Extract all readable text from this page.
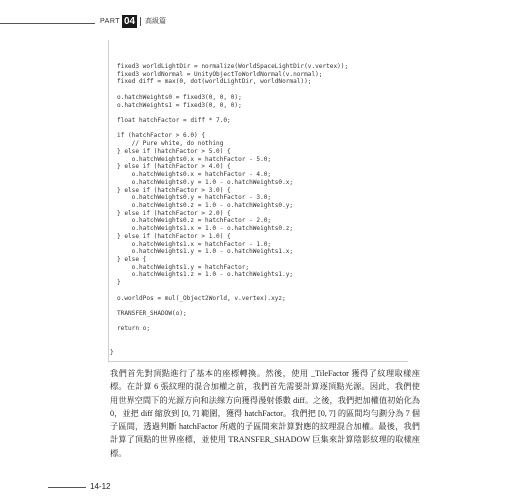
PART 04	高級篇
fixed3 worldLightDir = normalize(WorldSpaceLightDir(v.vertex));
fixed3 worldNormal = UnityObjectToWorldNormal(v.normal);
fixed diff = max(0, dot(worldLightDir, worldNormal));

o.hatchWeights0 = fixed3(0, 0, 0);
o.hatchWeights1 = fixed3(0, 0, 0);

float hatchFactor = diff * 7.0;

if (hatchFactor > 6.0) {
// Pure white, do nothing
} else if (hatchFactor > 5.0) {
o.hatchWeights0.x = hatchFactor - 5.0;
} else if (hatchFactor > 4.0) {
o.hatchWeights0.x = hatchFactor - 4.0;
o.hatchWeights0.y = 1.0 - o.hatchWeights0.x;
} else if (hatchFactor > 3.0) {
o.hatchWeights0.y = hatchFactor - 3.0;
o.hatchWeights0.z = 1.0 - o.hatchWeights0.y;
} else if (hatchFactor > 2.0) {
o.hatchWeights0.z = hatchFactor - 2.0;
o.hatchWeights1.x = 1.0 - o.hatchWeights0.z;
} else if (hatchFactor > 1.0) {
o.hatchWeights1.x = hatchFactor - 1.0;
o.hatchWeights1.y = 1.0 - o.hatchWeights1.x;
} else {
o.hatchWeights1.y = hatchFactor;
o.hatchWeights1.z = 1.0 - o.hatchWeights1.y;
}

o.worldPos = mul(_Object2World, v.vertex).xyz;

TRANSFER_SHADOW(o);

return o;
}

我們首先對頂點進行了基本的座標轉換。然後，使用 _TileFactor 獲得了紋理取樣座標。在計算 6 張紋理的混合加權之前，我們首先需要計算逐頂點光源。因此，我們使用世界空間下的光源方向和法線方向獲得漫射係數 diff。之後，我們把加權值初始化為 0，並把 diff 縮放到 [0, 7] 範圍，獲得 hatchFactor。我們把 [0, 7] 的區間均勻劃分為 7 個子區間，透過判斷 hatchFactor 所處的子區間來計算對應的紋理混合加權。最後，我們計算了頂點的世界座標，並使用 TRANSFER_SHADOW 巨集來計算陰影紋理的取樣座標。

14-12
